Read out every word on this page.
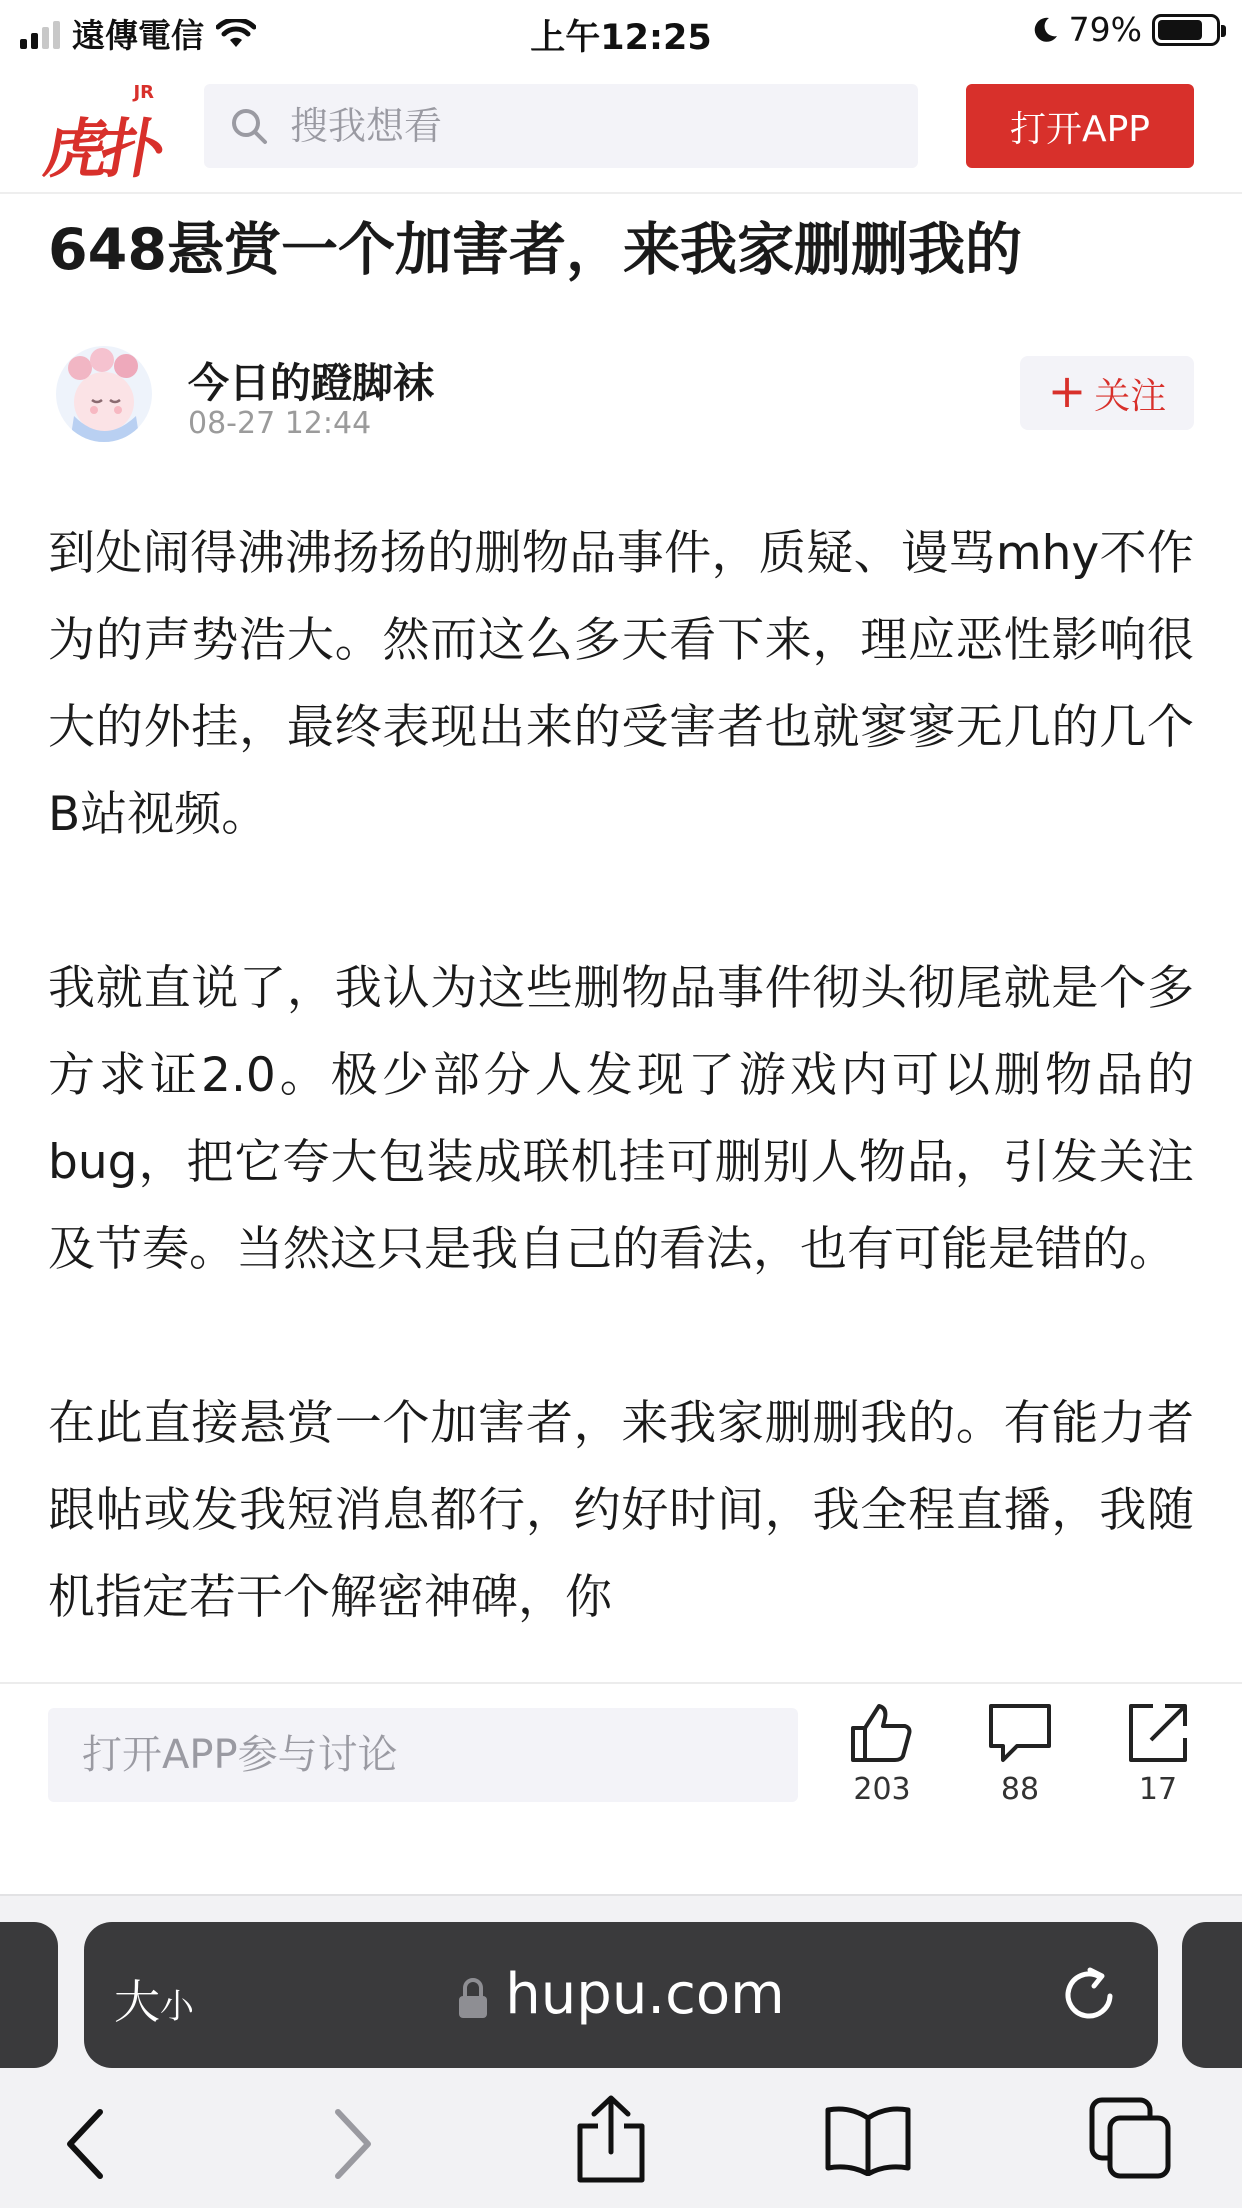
遠傳電信	上午12:25	79%
JR
虎扑
搜我想看	打开APP
648悬赏一个加害者，来我家删删我的
今日的蹬脚袜
08-27 12:44
+ 关注

到处闹得沸沸扬扬的删物品事件，质疑、谩骂mhy不作为的声势浩大。然而这么多天看下来，理应恶性影响很大的外挂，最终表现出来的受害者也就寥寥无几的几个B站视频。

我就直说了，我认为这些删物品事件彻头彻尾就是个多方求证2.0。极少部分人发现了游戏内可以删物品的bug，把它夸大包装成联机挂可删别人物品，引发关注及节奏。当然这只是我自己的看法，也有可能是错的。

在此直接悬赏一个加害者，来我家删删我的。有能力者跟帖或发我短消息都行，约好时间，我全程直播，我随机指定若干个解密神碑，你

打开APP参与讨论
203	88	17
大小	hupu.com
